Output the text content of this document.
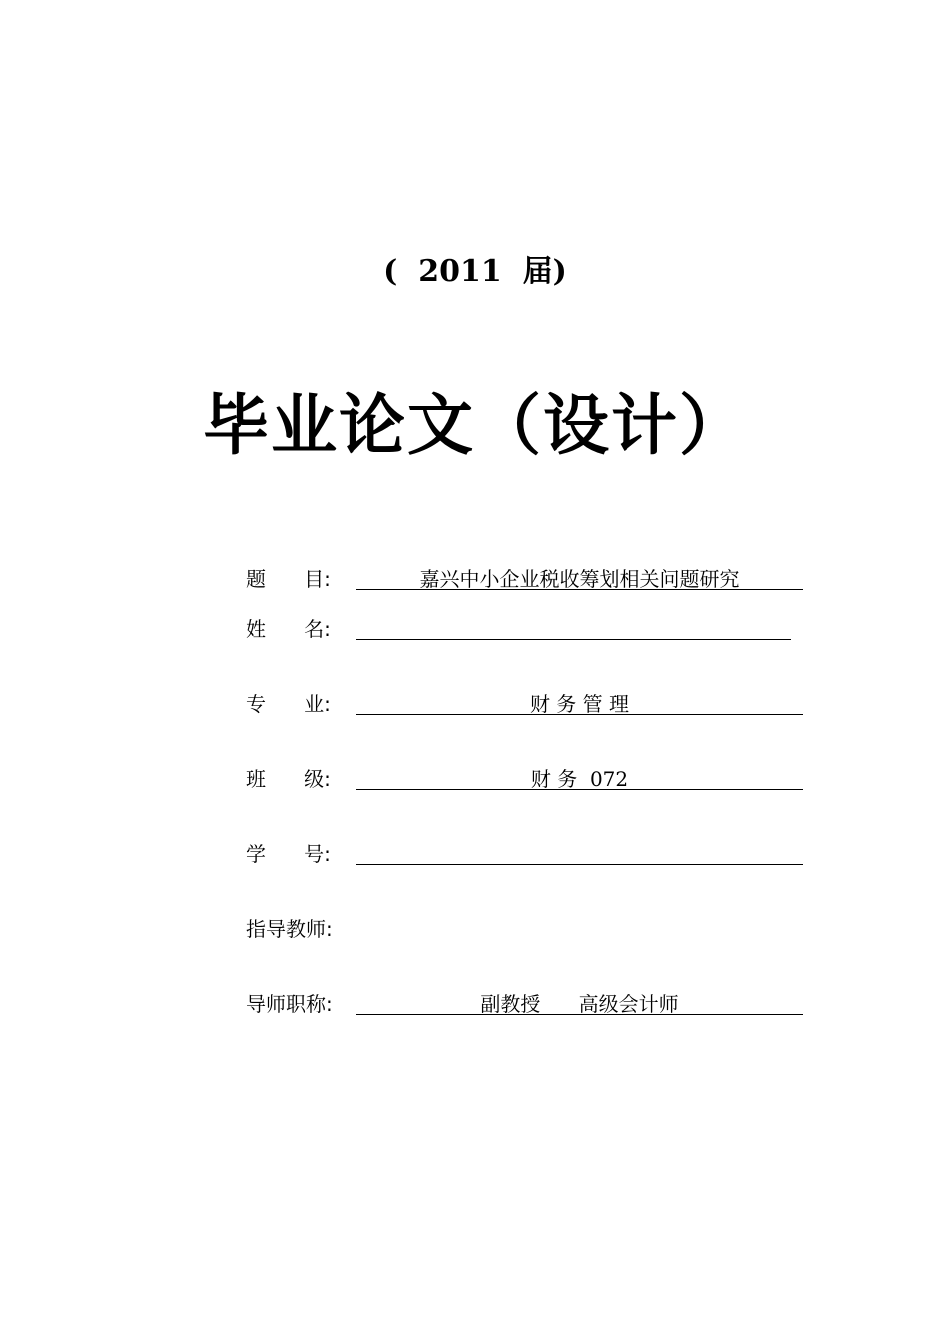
(  2011  届)
毕业论文（设计）
题      目:	嘉兴中小企业税收筹划相关问题研究
姓      名:
专      业:	财 务 管 理
班      级:	财 务  072
学      号:
指导教师:
导师职称:	副教授      高级会计师
